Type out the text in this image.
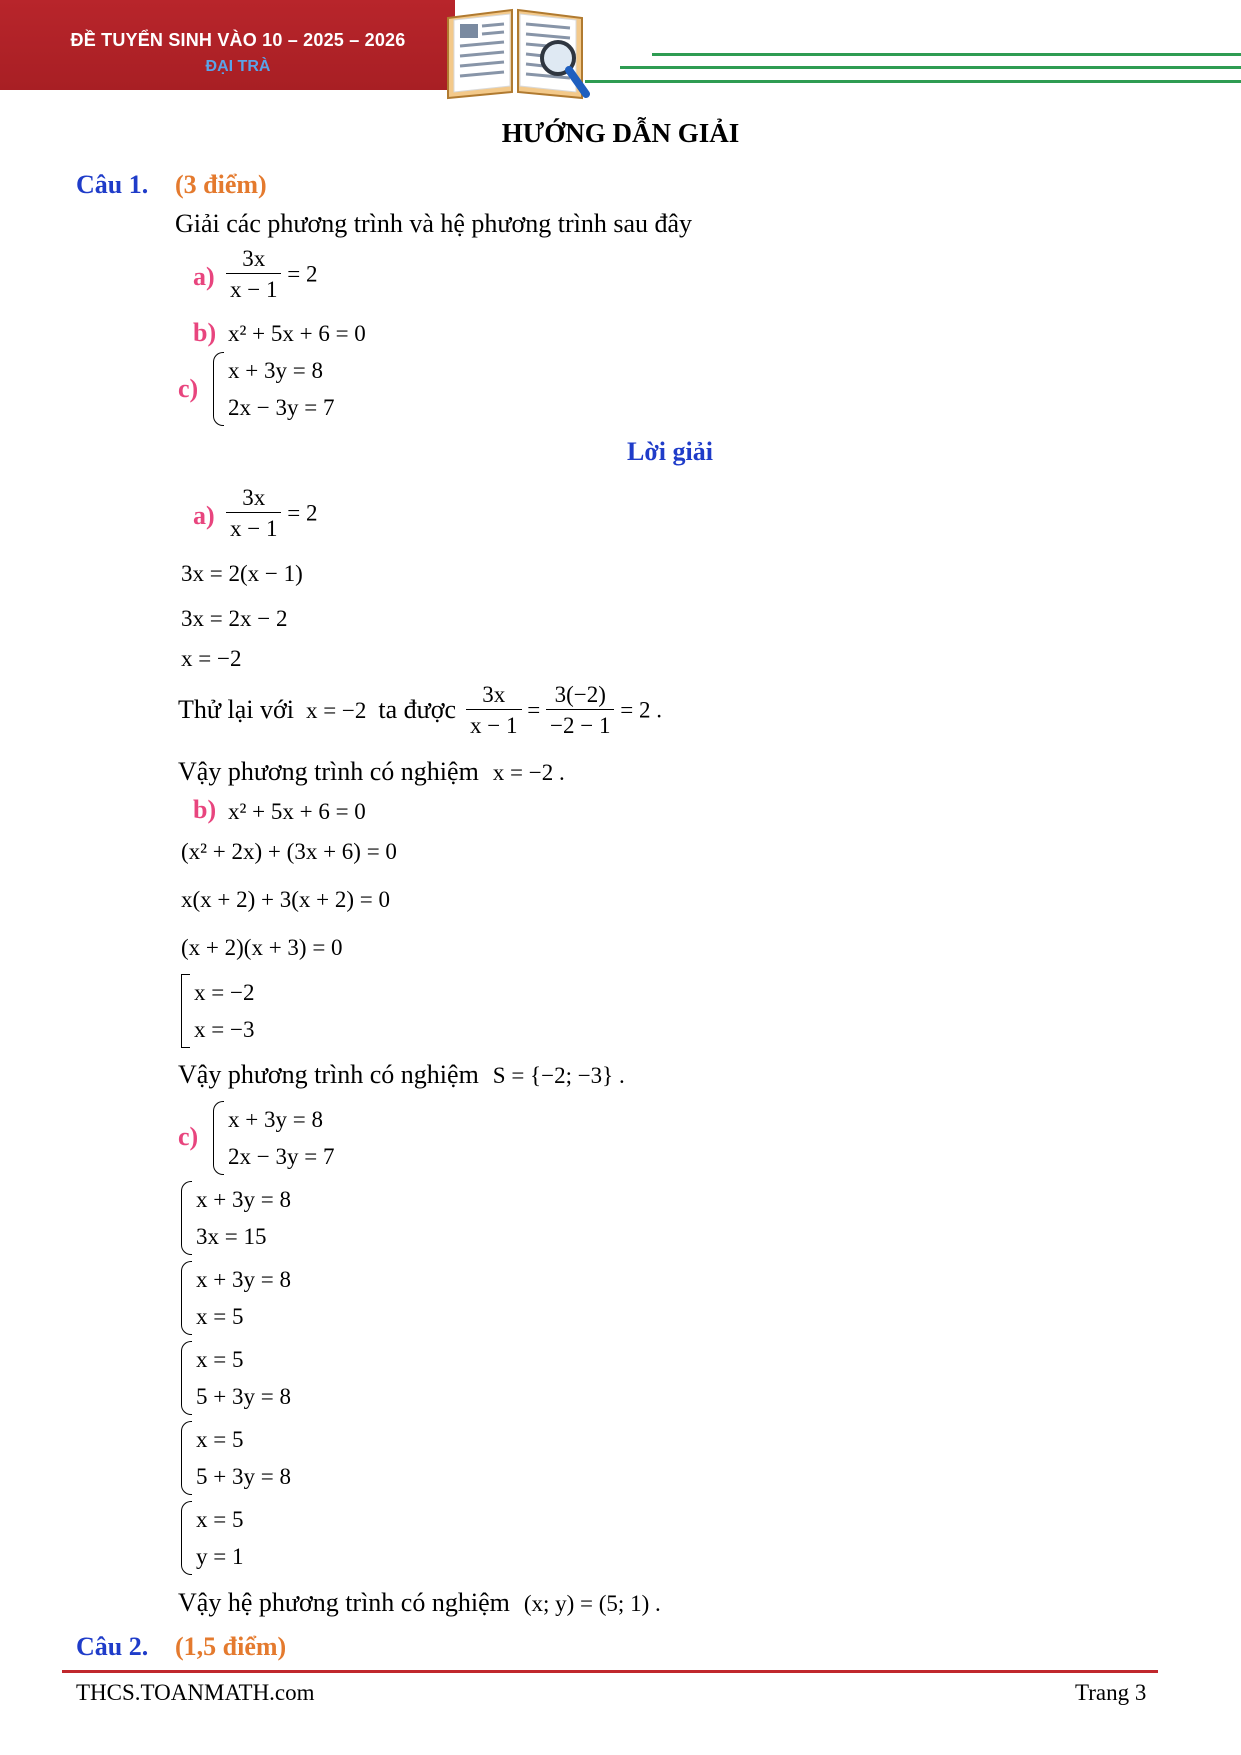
ĐỀ TUYỂN SINH VÀO 10 – 2025 – 2026
ĐẠI TRÀ
HƯỚNG DẪN GIẢI
Câu 1. (3 điểm)
Giải các phương trình và hệ phương trình sau đây
$a) \frac{3x}{x - 1} = 2$
b) x² + 5x + 6 = 0
c)
x + 3y = 8
2x − 3y = 7
Lời giải
$a) \frac{3x}{x - 1} = 2$
3x = 2(x − 1)
3x = 2x − 2
x = −2
Thử lại với x = −2 ta được $\frac{3x}{x - 1} = \frac{3(-2)}{-2 - 1} = 2$ .
Vậy phương trình có nghiệm x = −2 .
b) x² + 5x + 6 = 0
(x² + 2x) + (3x + 6) = 0
x(x + 2) + 3(x + 2) = 0
(x + 2)(x + 3) = 0
x = −2
x = −3
Vậy phương trình có nghiệm S = {−2; −3} .
c)
x + 3y = 8
2x − 3y = 7
x + 3y = 8
3x = 15
x + 3y = 8
x = 5
x = 5
5 + 3y = 8
x = 5
5 + 3y = 8
x = 5
y = 1
Vậy hệ phương trình có nghiệm (x; y) = (5; 1) .
Câu 2. (1,5 điểm)
THCS.TOANMATH.com	Trang 3
